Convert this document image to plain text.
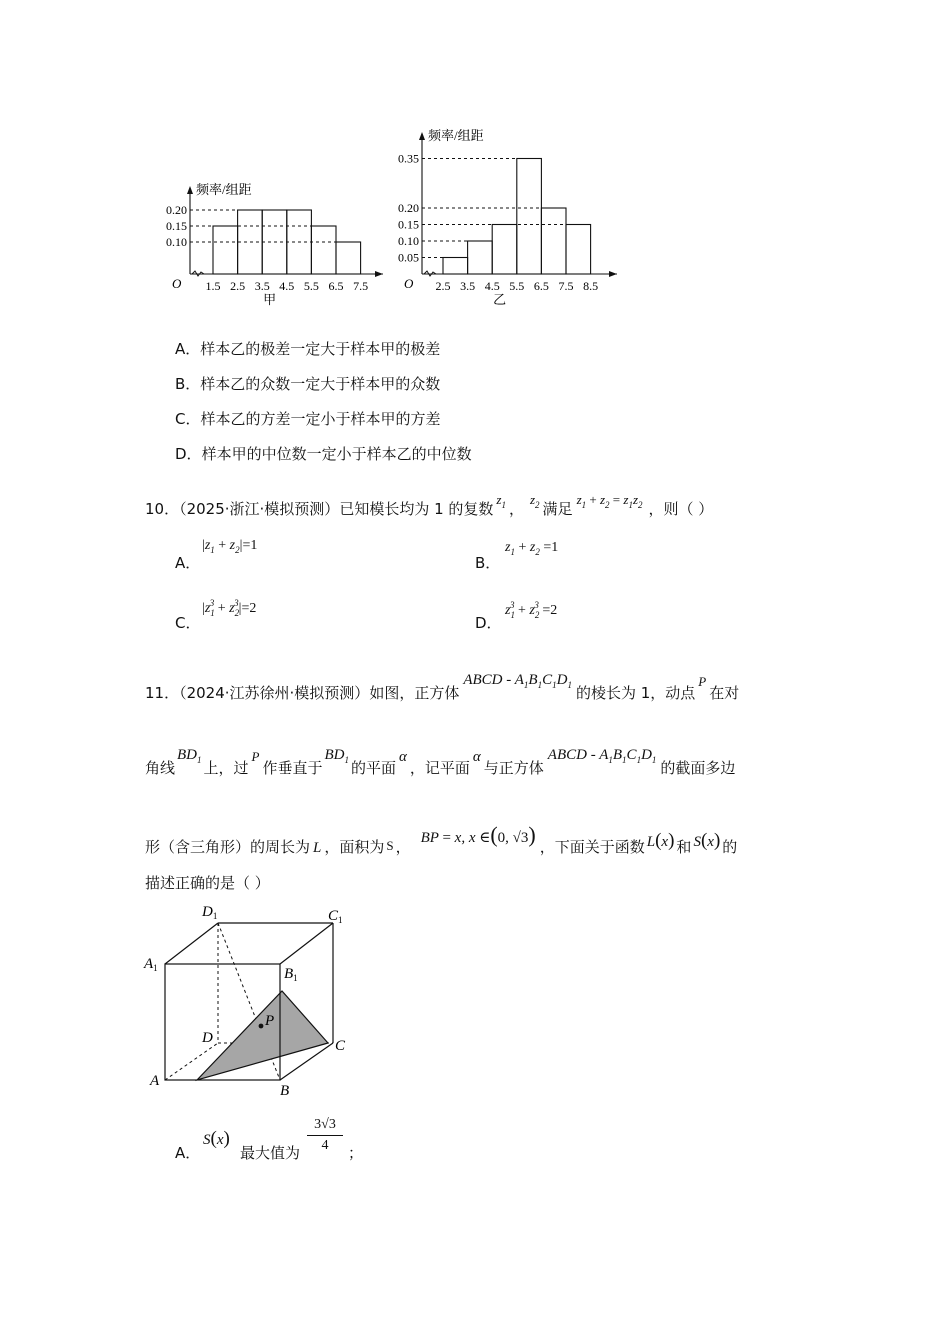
0.10
0.15
0.20
频率/组距
O 1.5 2.5 3.5 4.5 5.5 6.5 7.5
甲
0.05
0.10
0.15
0.20
0.35
频率/组距
O 2.5 3.5 4.5 5.5 6.5 7.5 8.5
乙
A．样本乙的极差一定大于样本甲的极差
B．样本乙的众数一定大于样本甲的众数
C．样本乙的方差一定小于样本甲的方差
D．样本甲的中位数一定小于样本乙的中位数
10．（2025·浙江·模拟预测）已知模长均为 1 的复数$z_1$ ，$z_2$ 满足$z_1 + z_2 = z_1z_2$ ，则（ ）
A．
$|z_1 + z_2|=1$
B．
$z_1 + z_2 =1$
C．
$|z_1^3 + z_2^3|=2$
D．
$z_1^3 + z_2^3 =2$
11．（2024·江苏徐州·模拟预测）如图，正方体ABCD - $A_1B_1C_1D_1$ 的棱长为 1，动点P在对
角线$BD_1$ 上，过P作垂直于$BD_1$ 的平面α，记平面α与正方体ABCD - $A_1B_1C_1D_1$ 的截面多边
形（含三角形）的周长为 L ，面积为 S ， BP = x, x ∈(0, √3) ，下面关于函数 L(x) 和 S(x) 的
描述正确的是（ ）
$D_1$	$C_1$
$A_1$	$B_1$
P
D	C
A
B
A．
S(x)
最大值为 $\frac{3√3}{4}$ ；
